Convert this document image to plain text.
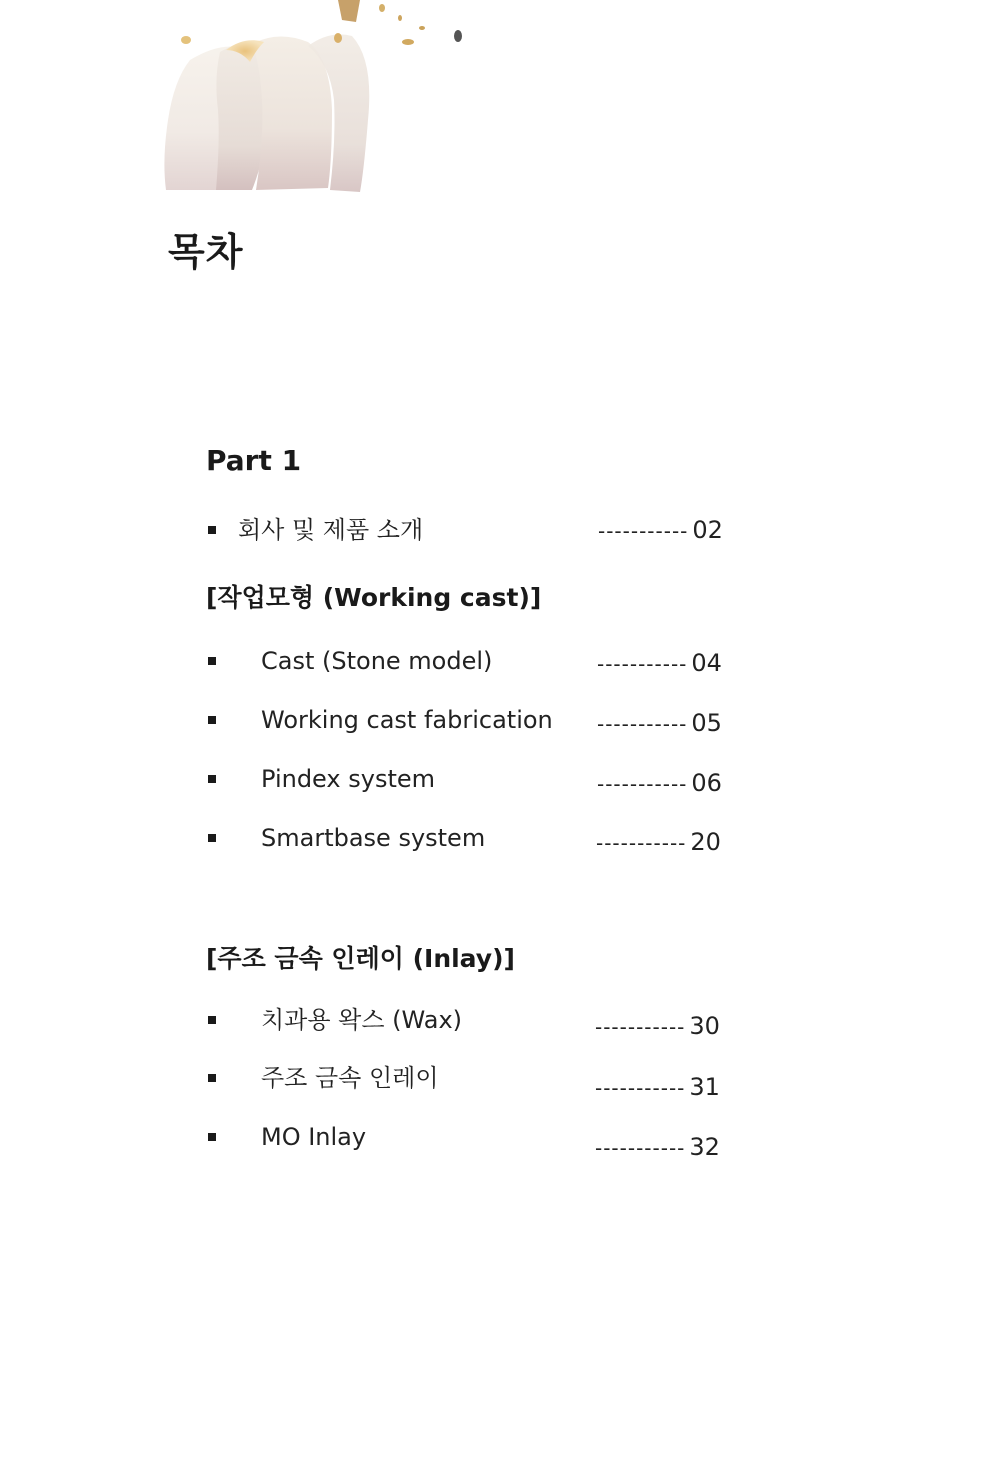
목차
Part 1
회사 및 제품 소개	----------- 02
[작업모형 (Working cast)]
Cast (Stone model)	----------- 04
Working cast fabrication ----------- 05
Pindex system	----------- 06
Smartbase system	----------- 20
[주조 금속 인레이 (Inlay)]
치과용 왁스 (Wax)	----------- 30
주조 금속 인레이	----------- 31
MO Inlay	----------- 32
